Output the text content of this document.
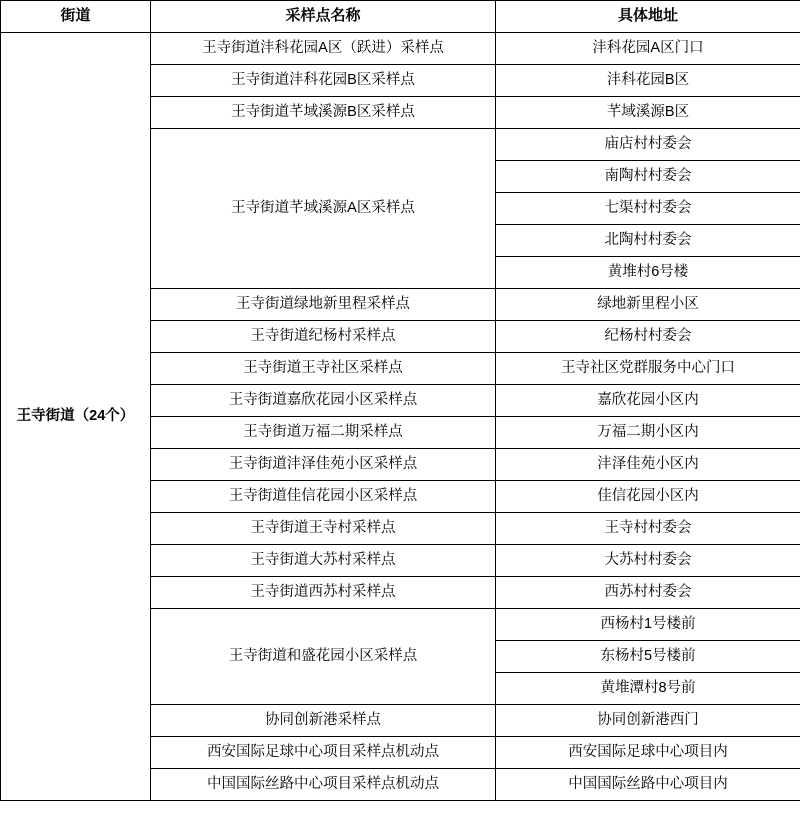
街道	采样点名称	具体地址
王寺街道（24个）	王寺街道沣科花园A区（跃进）采样点	沣科花园A区门口
	王寺街道沣科花园B区采样点	沣科花园B区
	王寺街道芊域溪源B区采样点	芊域溪源B区
	王寺街道芊域溪源A区采样点	庙店村村委会
		南陶村村委会
		七渠村村委会
		北陶村村委会
		黄堆村6号楼
	王寺街道绿地新里程采样点	绿地新里程小区
	王寺街道纪杨村采样点	纪杨村村委会
	王寺街道王寺社区采样点	王寺社区党群服务中心门口
	王寺街道嘉欣花园小区采样点	嘉欣花园小区内
	王寺街道万福二期采样点	万福二期小区内
	王寺街道沣泽佳苑小区采样点	沣泽佳苑小区内
	王寺街道佳信花园小区采样点	佳信花园小区内
	王寺街道王寺村采样点	王寺村村委会
	王寺街道大苏村采样点	大苏村村委会
	王寺街道西苏村采样点	西苏村村委会
	王寺街道和盛花园小区采样点	西杨村1号楼前
		东杨村5号楼前
		黄堆潭村8号前
	协同创新港采样点	协同创新港西门
	西安国际足球中心项目采样点机动点	西安国际足球中心项目内
	中国国际丝路中心项目采样点机动点	中国国际丝路中心项目内
